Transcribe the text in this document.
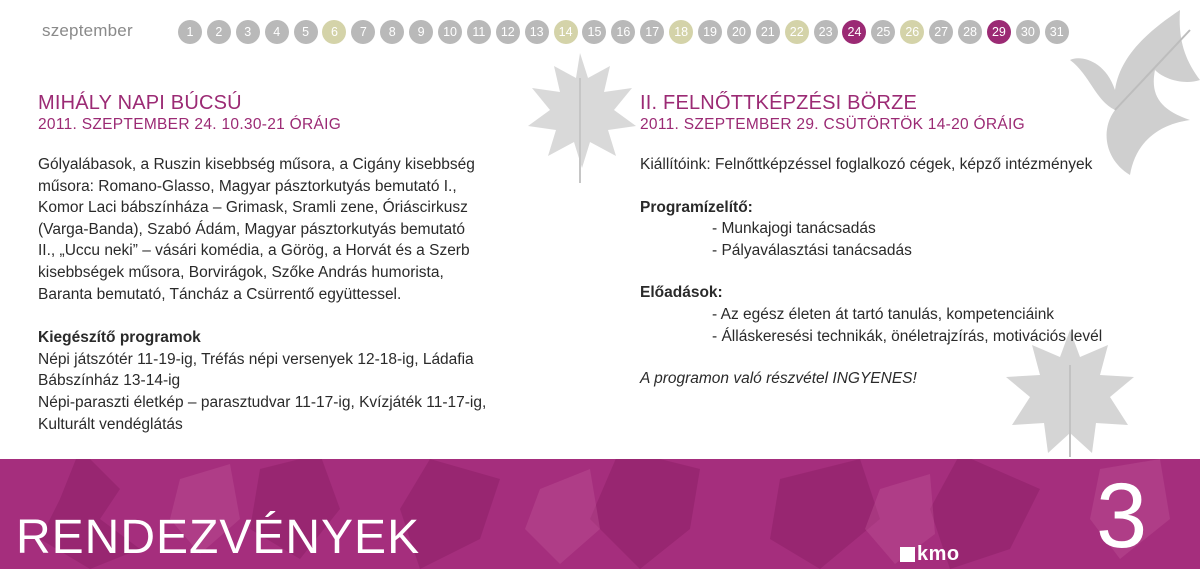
szeptember	1	2	3	4	5	6	7	8	9	10	11	12	13	14	15	16	17	18	19	20	21	22	23	24	25	26	27	28	29	30	31
MIHÁLY NAPI BÚCSÚ

2011. SZEPTEMBER 24. 10.30-21 ÓRÁIG

Gólyalábasok, a Ruszin kisebbség műsora, a Cigány kisebbség

műsora: Romano-Glasso, Magyar pásztorkutyás bemutató I.,

Komor Laci bábszínháza – Grimask, Sramli zene, Óriáscirkusz

(Varga-Banda), Szabó Ádám, Magyar pásztorkutyás bemutató

II., „Uccu neki” – vásári komédia, a Görög, a Horvát és a Szerb

kisebbségek műsora, Borvirágok, Szőke András humorista,

Baranta bemutató, Táncház a Csürrentő együttessel.

Kiegészítő programok

Népi játszótér 11-19-ig, Tréfás népi versenyek 12-18-ig, Ládafia

Bábszínház 13-14-ig

Népi-paraszti életkép – parasztudvar 11-17-ig, Kvízjáték 11-17-ig,

Kulturált vendéglátás

II. FELNŐTTKÉPZÉSI BÖRZE

2011. SZEPTEMBER 29. CSÜTÖRTÖK 14-20 ÓRÁIG

Kiállítóink: Felnőttképzéssel foglalkozó cégek, képző intézmények

Programízelítő:

- Munkajogi tanácsadás

- Pályaválasztási tanácsadás

Előadások:

- Az egész életen át tartó tanulás, kompetenciáink

- Álláskeresési technikák, önéletrajzírás, motivációs levél

A programon való részvétel INGYENES!

RENDEZVÉNYEK	kmo 3
